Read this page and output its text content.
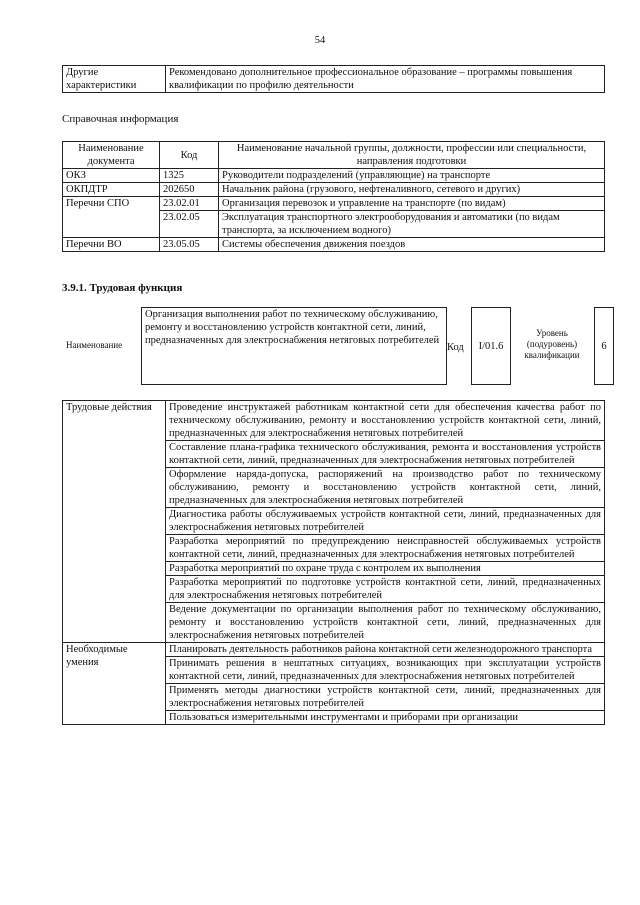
54
Другие характеристики	Рекомендовано дополнительное профессиональное образование – программы повышения квалификации по профилю деятельности
Справочная информация
Наименование документа	Код	Наименование начальной группы, должности, профессии или специальности, направления подготовки
ОКЗ	1325	Руководители подразделений (управляющие) на транспорте
ОКПДТР	202650	Начальник района (грузового, нефтеналивного, сетевого и других)
Перечни СПО	23.02.01	Организация перевозок и управление на транспорте (по видам)
	23.02.05	Эксплуатация транспортного электрооборудования и автоматики (по видам транспорта, за исключением водного)
Перечни ВО	23.05.05	Системы обеспечения движения поездов
3.9.1. Трудовая функция
Наименование
Организация выполнения работ по техническому обслуживанию, ремонту и восстановлению устройств контактной сети, линий, предназначенных для электроснабжения нетяговых потребителей
Код I/01.6
Уровень (подуровень) квалификации
6
Трудовые действия	Проведение инструктажей работникам контактной сети для обеспечения качества работ по техническому обслуживанию, ремонту и восстановлению устройств контактной сети, линий, предназначенных для электроснабжения нетяговых потребителей
	Составление плана-графика технического обслуживания, ремонта и восстановления устройств контактной сети, линий, предназначенных для электроснабжения нетяговых потребителей
	Оформление наряда-допуска, распоряжений на производство работ по техническому обслуживанию, ремонту и восстановлению устройств контактной сети, линий, предназначенных для электроснабжения нетяговых потребителей
	Диагностика работы обслуживаемых устройств контактной сети, линий, предназначенных для электроснабжения нетяговых потребителей
	Разработка мероприятий по предупреждению неисправностей обслуживаемых устройств контактной сети, линий, предназначенных для электроснабжения нетяговых потребителей
	Разработка мероприятий по охране труда с контролем их выполнения
	Разработка мероприятий по подготовке устройств контактной сети, линий, предназначенных для электроснабжения нетяговых потребителей
	Ведение документации по организации выполнения работ по техническому обслуживанию, ремонту и восстановлению устройств контактной сети, линий, предназначенных для электроснабжения нетяговых потребителей
Необходимые умения	Планировать деятельность работников района контактной сети железнодорожного транспорта
	Принимать решения в нештатных ситуациях, возникающих при эксплуатации устройств контактной сети, линий, предназначенных для электроснабжения нетяговых потребителей
	Применять методы диагностики устройств контактной сети, линий, предназначенных для электроснабжения нетяговых потребителей
	Пользоваться измерительными инструментами и приборами при организации
